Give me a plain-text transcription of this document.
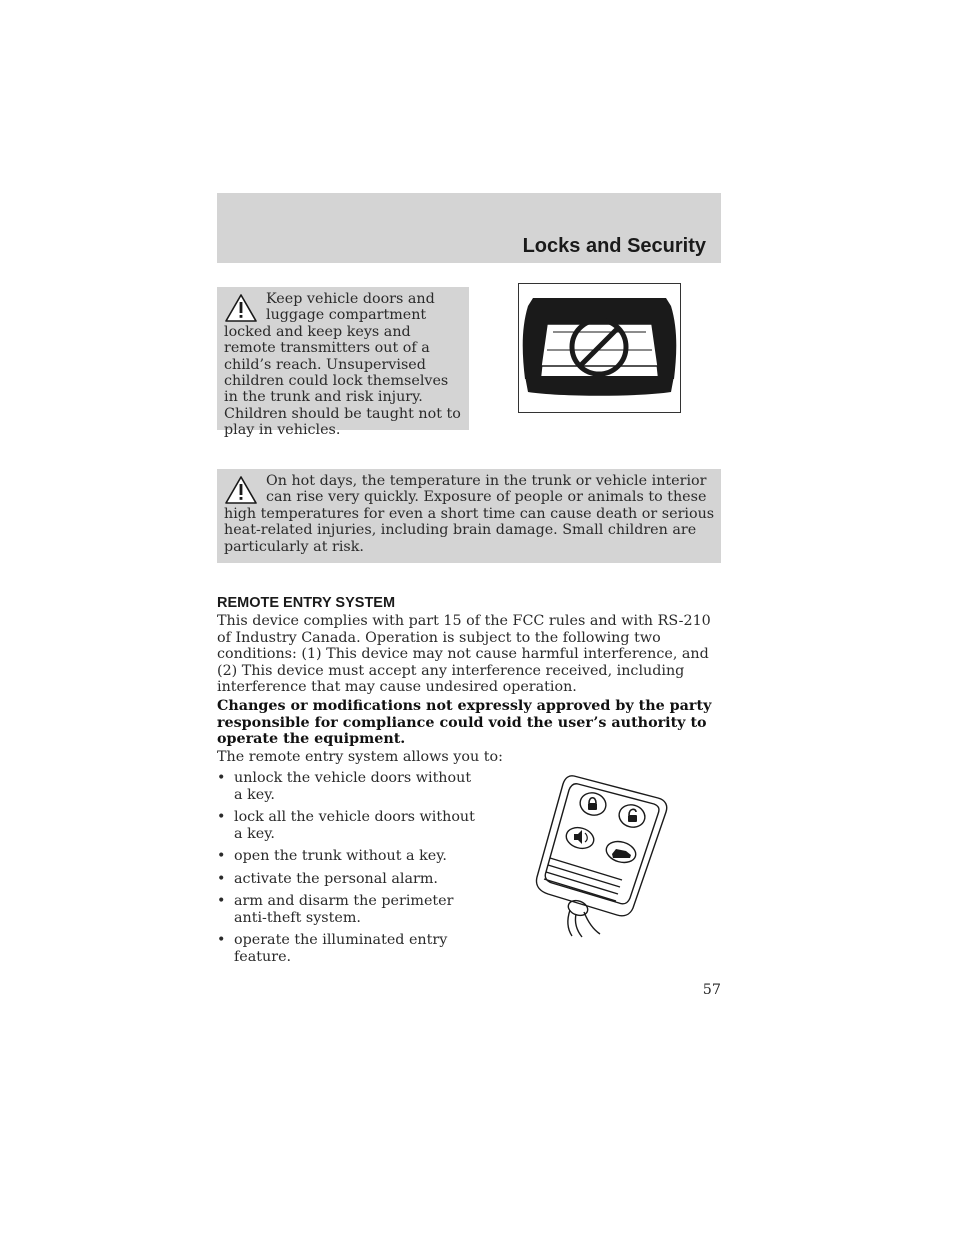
Locks and Security
Keep vehicle doors and luggage compartment locked and keep keys and remote transmitters out of a child’s reach. Unsupervised children could lock themselves in the trunk and risk injury. Children should be taught not to play in vehicles.
On hot days, the temperature in the trunk or vehicle interior can rise very quickly. Exposure of people or animals to these high temperatures for even a short time can cause death or serious heat-related injuries, including brain damage. Small children are particularly at risk.
REMOTE ENTRY SYSTEM
This device complies with part 15 of the FCC rules and with RS-210 of Industry Canada. Operation is subject to the following two conditions: (1) This device may not cause harmful interference, and (2) This device must accept any interference received, including interference that may cause undesired operation.
Changes or modifications not expressly approved by the party responsible for compliance could void the user’s authority to operate the equipment.
The remote entry system allows you to:
• unlock the vehicle doors without a key.
• lock all the vehicle doors without a key.
• open the trunk without a key.
• activate the personal alarm.
• arm and disarm the perimeter anti-theft system.
• operate the illuminated entry feature.
57
